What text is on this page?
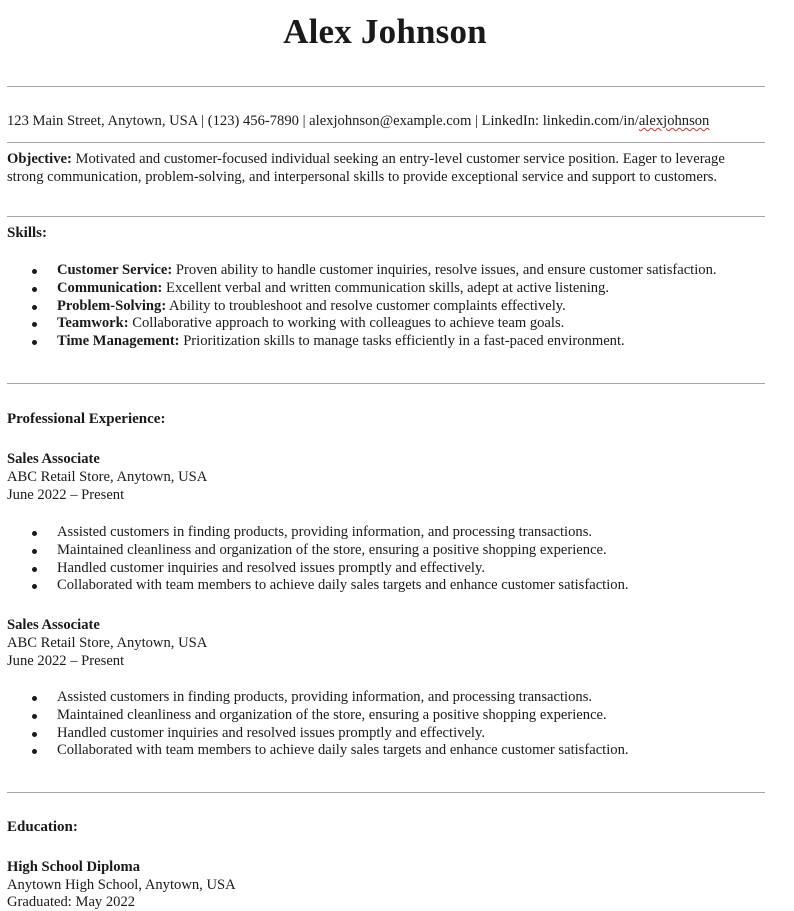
Alex Johnson
123 Main Street, Anytown, USA | (123) 456-7890 | alexjohnson@example.com | LinkedIn: linkedin.com/in/alexjohnson
Objective: Motivated and customer-focused individual seeking an entry-level customer service position. Eager to leverage strong communication, problem-solving, and interpersonal skills to provide exceptional service and support to customers.
Skills:
Customer Service: Proven ability to handle customer inquiries, resolve issues, and ensure customer satisfaction.
Communication: Excellent verbal and written communication skills, adept at active listening.
Problem-Solving: Ability to troubleshoot and resolve customer complaints effectively.
Teamwork: Collaborative approach to working with colleagues to achieve team goals.
Time Management: Prioritization skills to manage tasks efficiently in a fast-paced environment.
Professional Experience:
Sales Associate
ABC Retail Store, Anytown, USA
June 2022 – Present
Assisted customers in finding products, providing information, and processing transactions.
Maintained cleanliness and organization of the store, ensuring a positive shopping experience.
Handled customer inquiries and resolved issues promptly and effectively.
Collaborated with team members to achieve daily sales targets and enhance customer satisfaction.
Sales Associate
ABC Retail Store, Anytown, USA
June 2022 – Present
Assisted customers in finding products, providing information, and processing transactions.
Maintained cleanliness and organization of the store, ensuring a positive shopping experience.
Handled customer inquiries and resolved issues promptly and effectively.
Collaborated with team members to achieve daily sales targets and enhance customer satisfaction.
Education:
High School Diploma
Anytown High School, Anytown, USA
Graduated: May 2022
